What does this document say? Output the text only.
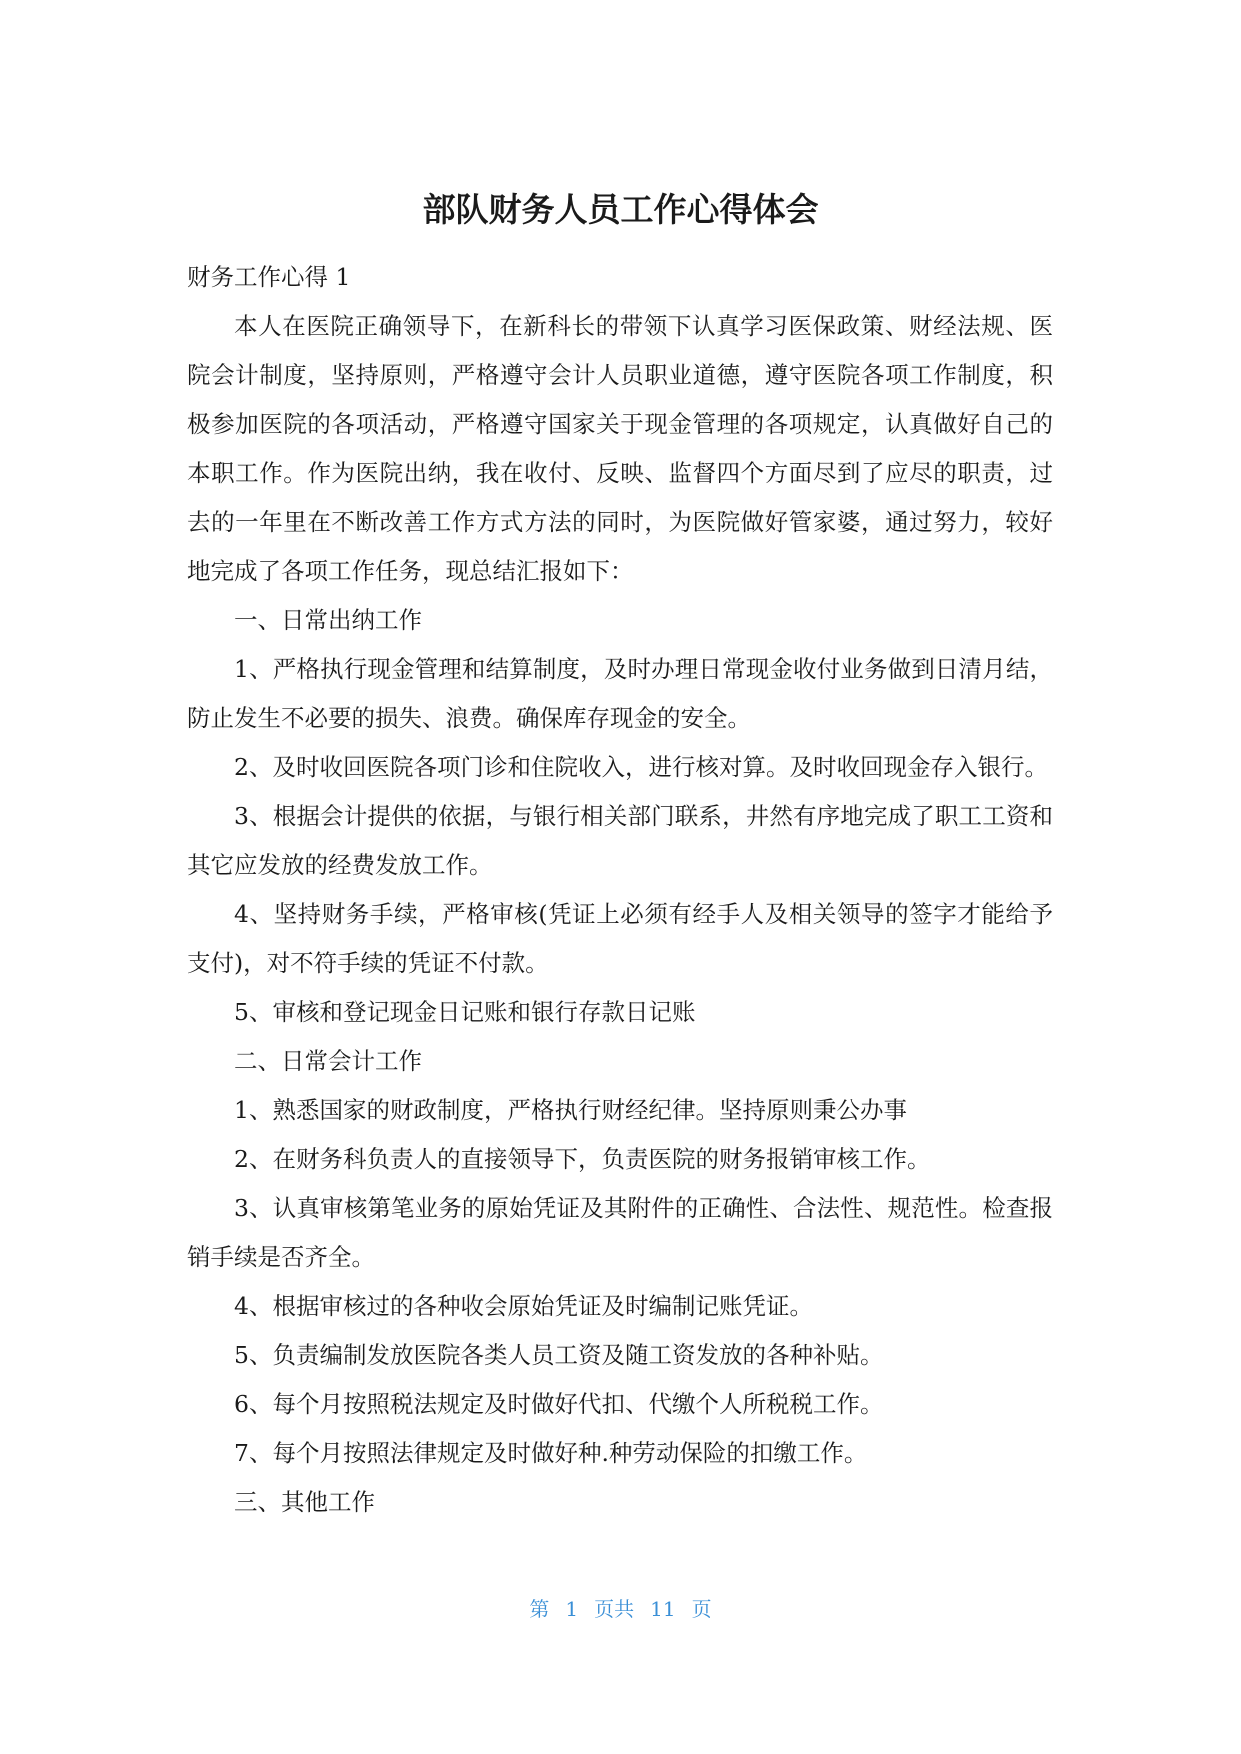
部队财务人员工作心得体会

财务工作心得 1

本人在医院正确领导下，在新科长的带领下认真学习医保政策、财经法规、医院会计制度，坚持原则，严格遵守会计人员职业道德，遵守医院各项工作制度，积极参加医院的各项活动，严格遵守国家关于现金管理的各项规定，认真做好自己的本职工作。作为医院出纳，我在收付、反映、监督四个方面尽到了应尽的职责，过去的一年里在不断改善工作方式方法的同时，为医院做好管家婆，通过努力，较好地完成了各项工作任务，现总结汇报如下：

一、日常出纳工作

1、严格执行现金管理和结算制度，及时办理日常现金收付业务做到日清月结，防止发生不必要的损失、浪费。确保库存现金的安全。

2、及时收回医院各项门诊和住院收入，进行核对算。及时收回现金存入银行。

3、根据会计提供的依据，与银行相关部门联系，井然有序地完成了职工工资和其它应发放的经费发放工作。

4、坚持财务手续，严格审核(凭证上必须有经手人及相关领导的签字才能给予支付)，对不符手续的凭证不付款。

5、审核和登记现金日记账和银行存款日记账

二、日常会计工作

1、熟悉国家的财政制度，严格执行财经纪律。坚持原则秉公办事

2、在财务科负责人的直接领导下，负责医院的财务报销审核工作。

3、认真审核第笔业务的原始凭证及其附件的正确性、合法性、规范性。检查报销手续是否齐全。

4、根据审核过的各种收会原始凭证及时编制记账凭证。

5、负责编制发放医院各类人员工资及随工资发放的各种补贴。

6、每个月按照税法规定及时做好代扣、代缴个人所税税工作。

7、每个月按照法律规定及时做好种.种劳动保险的扣缴工作。

三、其他工作

第 1 页共 11 页
